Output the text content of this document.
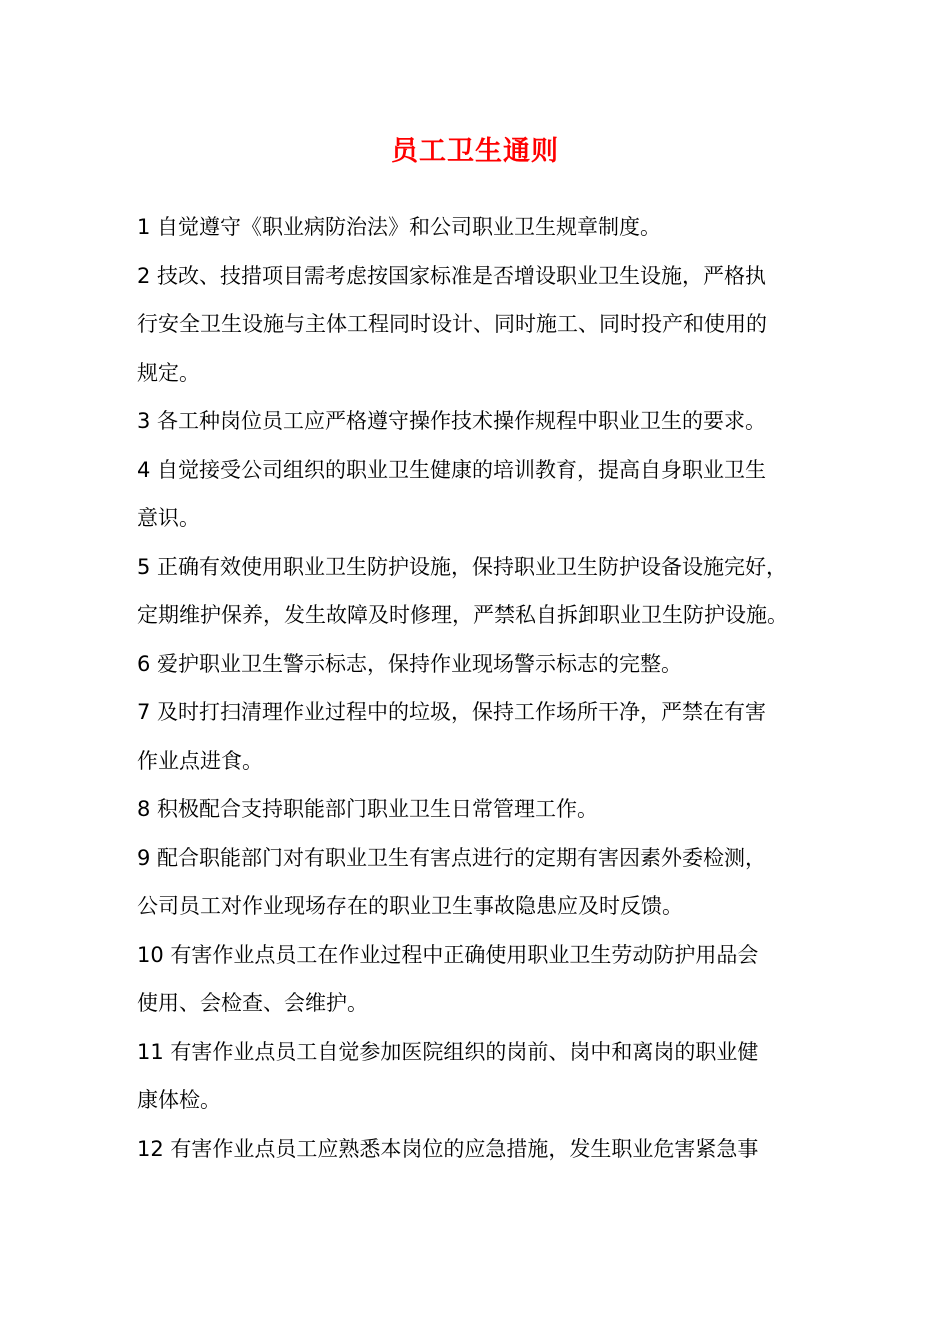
员工卫生通则

1 自觉遵守《职业病防治法》和公司职业卫生规章制度。

2 技改、技措项目需考虑按国家标准是否增设职业卫生设施，严格执
行安全卫生设施与主体工程同时设计、同时施工、同时投产和使用的
规定。

3 各工种岗位员工应严格遵守操作技术操作规程中职业卫生的要求。

4 自觉接受公司组织的职业卫生健康的培训教育，提高自身职业卫生
意识。

5 正确有效使用职业卫生防护设施，保持职业卫生防护设备设施完好，
定期维护保养，发生故障及时修理，严禁私自拆卸职业卫生防护设施。

6 爱护职业卫生警示标志，保持作业现场警示标志的完整。

7 及时打扫清理作业过程中的垃圾，保持工作场所干净，严禁在有害
作业点进食。

8 积极配合支持职能部门职业卫生日常管理工作。

9 配合职能部门对有职业卫生有害点进行的定期有害因素外委检测，
公司员工对作业现场存在的职业卫生事故隐患应及时反馈。

10 有害作业点员工在作业过程中正确使用职业卫生劳动防护用品会
使用、会检查、会维护。

11 有害作业点员工自觉参加医院组织的岗前、岗中和离岗的职业健
康体检。

12 有害作业点员工应熟悉本岗位的应急措施，发生职业危害紧急事
